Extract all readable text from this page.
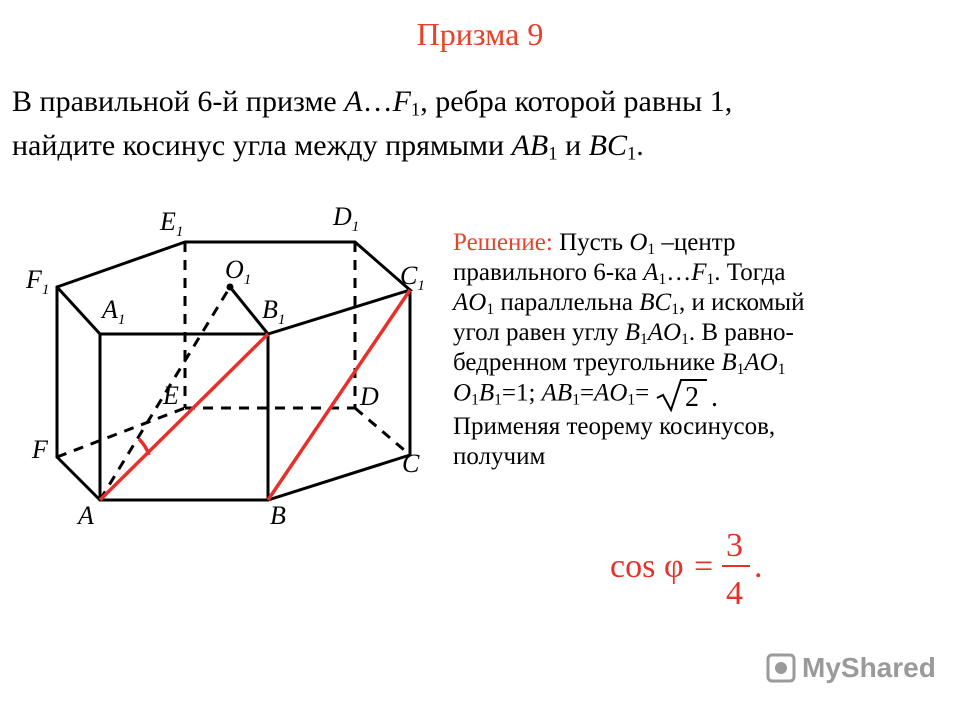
Призма 9
В правильной 6-й призме $A\dots F_1$, ребра которой равны 1,
найдите косинус угла между прямыми $AB_1$ и $BC_1$.
$E_1$
$D_1$
$F_1$	$C_1$
$O_1$
$A_1$	$B_1$
E	D
F	C
A	B
Решение: Пусть $O_1$ –центр
правильного 6-ка $A_1\dots F_1$. Тогда
$AO_1$ параллельна $BC_1$, и искомый
угол равен углу $B_1AO_1$. В равно-
бедренном треугольнике $B_1AO_1$
$O_1B_1=1$; $AB_1=AO_1= 2$ .

Применяя теорему косинусов,
получим
cos φ =
3
4
.
MyShared
